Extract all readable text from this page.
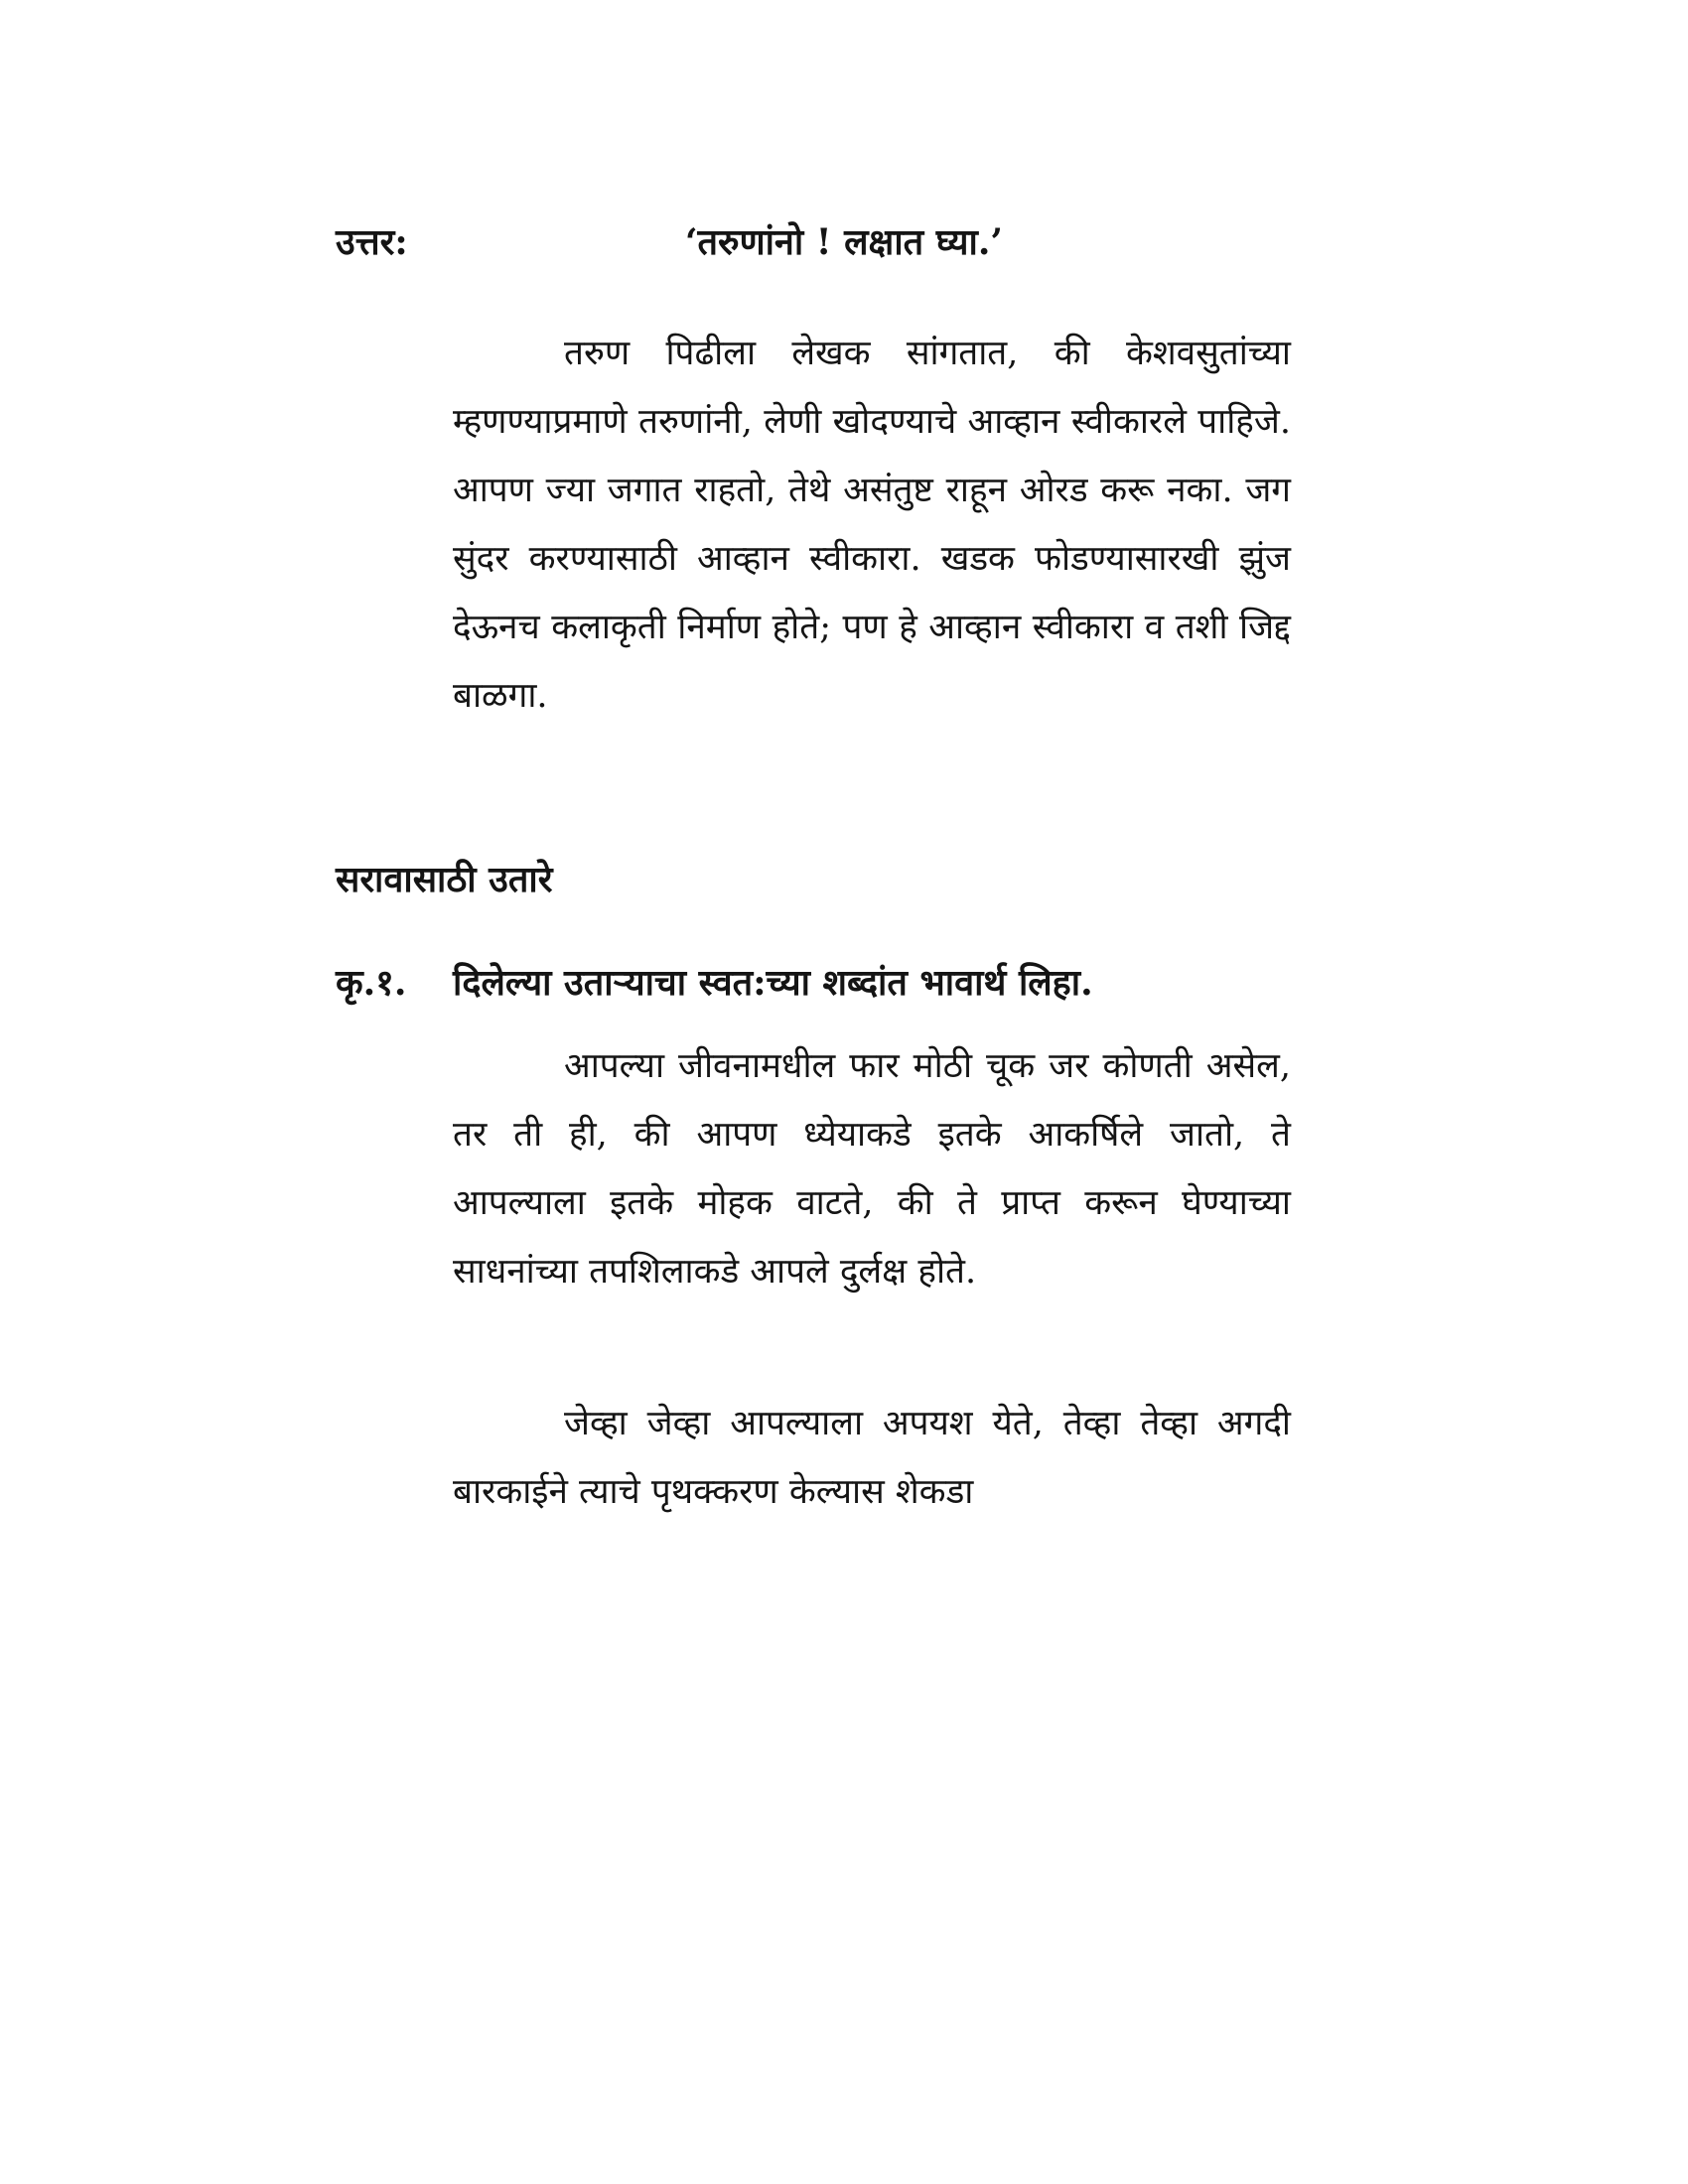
उत्तर:	‘तरुणांनो ! लक्षात घ्या.’

तरुण पिढीला लेखक सांगतात, की केशवसुतांच्या म्हणण्याप्रमाणे तरुणांनी, लेणी खोदण्याचे आव्हान स्वीकारले पाहिजे. आपण ज्या जगात राहतो, तेथे असंतुष्ट राहून ओरड करू नका. जग सुंदर करण्यासाठी आव्हान स्वीकारा. खडक फोडण्यासारखी झुंज देऊनच कलाकृती निर्माण होते; पण हे आव्हान स्वीकारा व तशी जिद्द बाळगा.

सरावासाठी उतारे
कृ.१. दिलेल्या उताऱ्याचा स्वत:च्या शब्दांत भावार्थ लिहा.

आपल्या जीवनामधील फार मोठी चूक जर कोणती असेल, तर ती ही, की आपण ध्येयाकडे इतके आकर्षिले जातो, ते आपल्याला इतके मोहक वाटते, की ते प्राप्त करून घेण्याच्या साधनांच्या तपशिलाकडे आपले दुर्लक्ष होते.

जेव्हा जेव्हा आपल्याला अपयश येते, तेव्हा तेव्हा अगदी बारकाईने त्याचे पृथक्करण केल्यास शेकडा
